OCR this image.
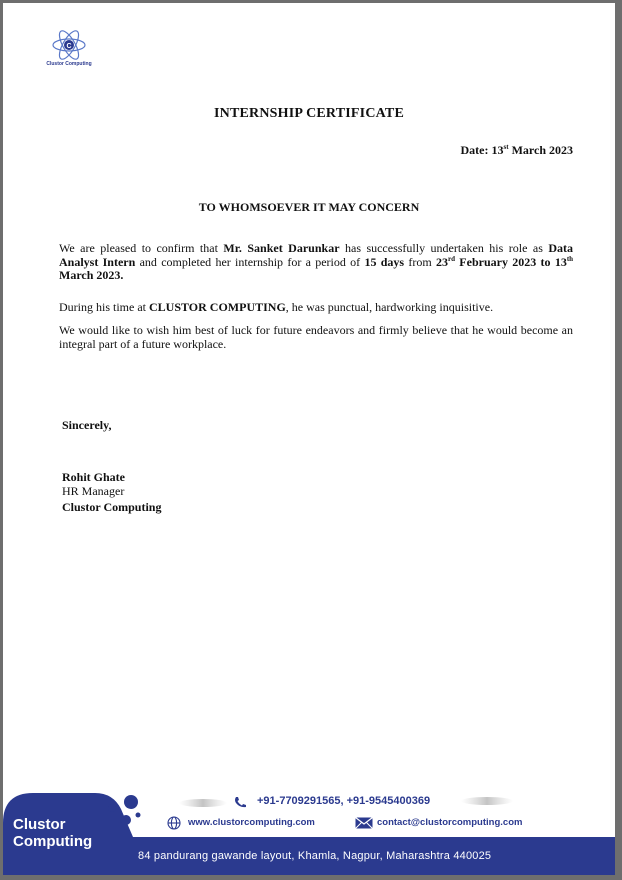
C
Clustor Computing
INTERNSHIP CERTIFICATE
Date: 13st March 2023
TO WHOMSOEVER IT MAY CONCERN
We are pleased to confirm that Mr. Sanket Darunkar has successfully undertaken his role as Data Analyst Intern and completed her internship for a period of 15 days from 23rd February 2023 to 13th March 2023.
During his time at CLUSTOR COMPUTING, he was punctual, hardworking inquisitive.
We would like to wish him best of luck for future endeavors and firmly believe that he would become an integral part of a future workplace.
Sincerely,
Rohit Ghate
HR Manager
Clustor Computing
Clustor
Computing
+91-7709291565, +91-9545400369
www.clustorcomputing.com	contact@clustorcomputing.com
84 pandurang gawande layout, Khamla, Nagpur, Maharashtra 440025
